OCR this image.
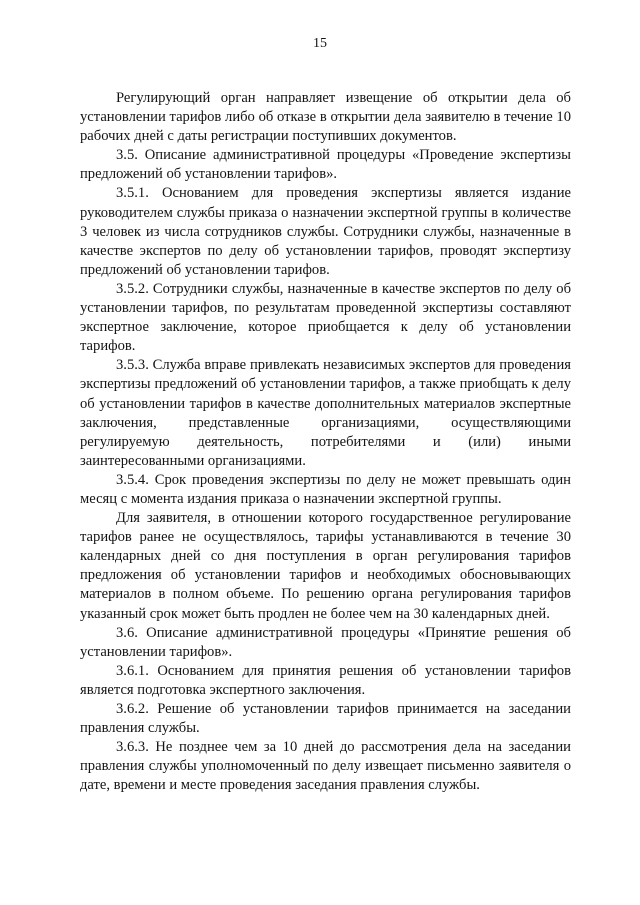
15

Регулирующий орган направляет извещение об открытии дела об установлении тарифов либо об отказе в открытии дела заявителю в течение 10 рабочих дней с даты регистрации поступивших документов.

3.5. Описание административной процедуры «Проведение экспертизы предложений об установлении тарифов».

3.5.1. Основанием для проведения экспертизы является издание руководителем службы приказа о назначении экспертной группы в количестве 3 человек из числа сотрудников службы. Сотрудники службы, назначенные в качестве экспертов по делу об установлении тарифов, проводят экспертизу предложений об установлении тарифов.

3.5.2. Сотрудники службы, назначенные в качестве экспертов по делу об установлении тарифов, по результатам проведенной экспертизы составляют экспертное заключение, которое приобщается к делу об установлении тарифов.

3.5.3. Служба вправе привлекать независимых экспертов для проведения экспертизы предложений об установлении тарифов, а также приобщать к делу об установлении тарифов в качестве дополнительных материалов экспертные заключения, представленные организациями, осуществляющими регулируемую деятельность, потребителями и (или) иными заинтересованными организациями.

3.5.4. Срок проведения экспертизы по делу не может превышать один месяц с момента издания приказа о назначении экспертной группы.

Для заявителя, в отношении которого государственное регулирование тарифов ранее не осуществлялось, тарифы устанавливаются в течение 30 календарных дней со дня поступления в орган регулирования тарифов предложения об установлении тарифов и необходимых обосновывающих материалов в полном объеме. По решению органа регулирования тарифов указанный срок может быть продлен не более чем на 30 календарных дней.

3.6. Описание административной процедуры «Принятие решения об установлении тарифов».

3.6.1. Основанием для принятия решения об установлении тарифов является подготовка экспертного заключения.

3.6.2. Решение об установлении тарифов принимается на заседании правления службы.

3.6.3. Не позднее чем за 10 дней до рассмотрения дела на заседании правления службы уполномоченный по делу извещает письменно заявителя о дате, времени и месте проведения заседания правления службы.
